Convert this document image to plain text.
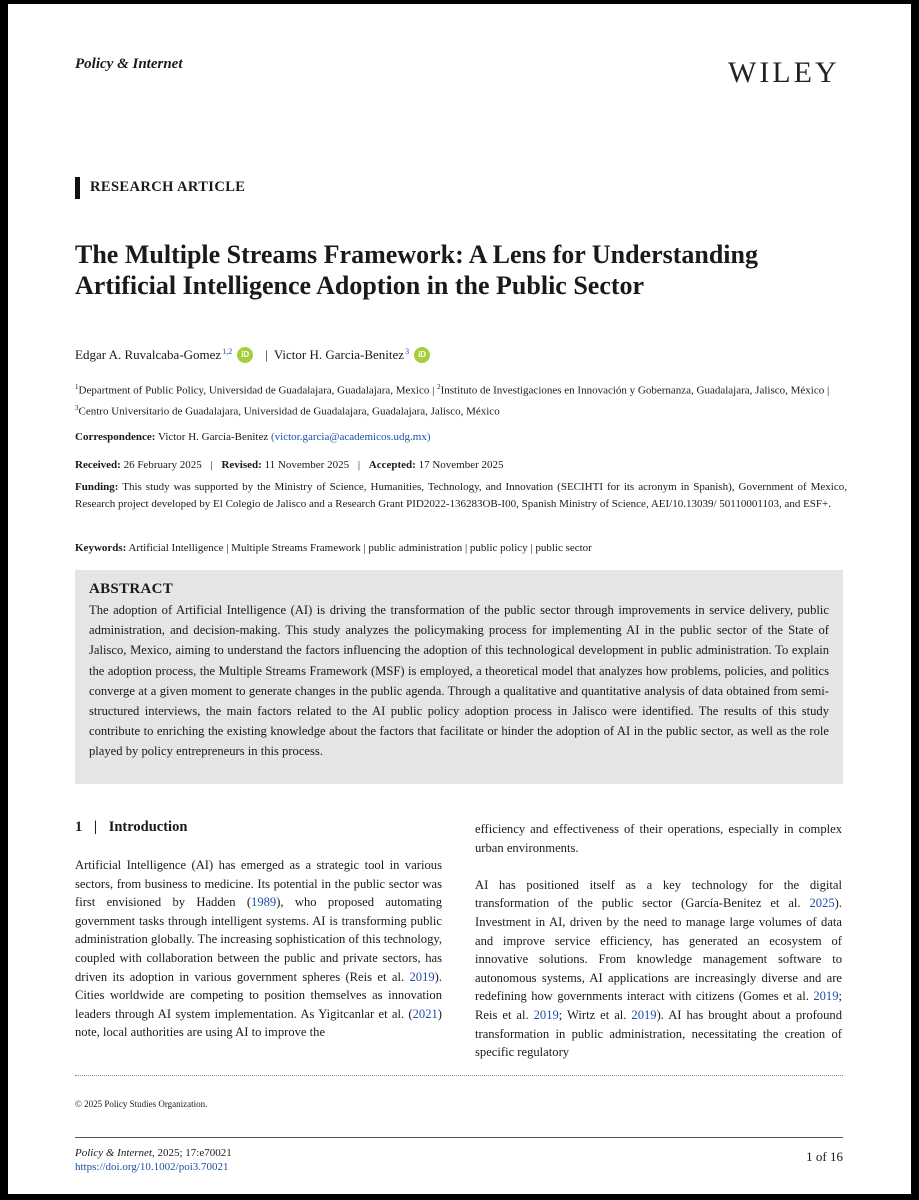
Policy & Internet	WILEY
RESEARCH ARTICLE
The Multiple Streams Framework: A Lens for Understanding Artificial Intelligence Adoption in the Public Sector
Edgar A. Ruvalcaba-Gomez$^{1,2}$	iD	| Victor H. Garcia-Benitez$^3$	iD
$^1$Department of Public Policy, Universidad de Guadalajara, Guadalajara, Mexico | $^2$Instituto de Investigaciones en Innovación y Gobernanza, Guadalajara, Jalisco, México | $^3$Centro Universitario de Guadalajara, Universidad de Guadalajara, Guadalajara, Jalisco, México
Correspondence: Victor H. Garcia-Benitez (victor.garcia@academicos.udg.mx)
Received: 26 February 2025 | Revised: 11 November 2025 | Accepted: 17 November 2025
Funding: This study was supported by the Ministry of Science, Humanities, Technology, and Innovation (SECIHTI for its acronym in Spanish), Government of Mexico, Research project developed by El Colegio de Jalisco and a Research Grant PID2022-136283OB-I00, Spanish Ministry of Science, AEI/10.13039/ 50110001103, and ESF+.
Keywords: Artificial Intelligence | Multiple Streams Framework | public administration | public policy | public sector
ABSTRACT
The adoption of Artificial Intelligence (AI) is driving the transformation of the public sector through improvements in service delivery, public administration, and decision-making. This study analyzes the policymaking process for implementing AI in the public sector of the State of Jalisco, Mexico, aiming to understand the factors influencing the adoption of this technological development in public administration. To explain the adoption process, the Multiple Streams Framework (MSF) is employed, a theoretical model that analyzes how problems, policies, and politics converge at a given moment to generate changes in the public agenda. Through a qualitative and quantitative analysis of data obtained from semi-structured interviews, the main factors related to the AI public policy adoption process in Jalisco were identified. The results of this study contribute to enriching the existing knowledge about the factors that facilitate or hinder the adoption of AI in the public sector, as well as the role played by policy entrepreneurs in this process.
1 | Introduction

Artificial Intelligence (AI) has emerged as a strategic tool in various sectors, from business to medicine. Its potential in the public sector was first envisioned by Hadden (1989), who proposed automating government tasks through intelligent systems. AI is transforming public administration globally. The increasing sophistication of this technology, coupled with collaboration between the public and private sectors, has driven its adoption in various government spheres (Reis et al. 2019). Cities worldwide are competing to position themselves as innovation leaders through AI system implementation. As Yigitcanlar et al. (2021) note, local authorities are using AI to improve the

efficiency and effectiveness of their operations, especially in complex urban environments.

AI has positioned itself as a key technology for the digital transformation of the public sector (García-Benitez et al. 2025). Investment in AI, driven by the need to manage large volumes of data and improve service efficiency, has generated an ecosystem of innovative solutions. From knowledge management software to autonomous systems, AI applications are increasingly diverse and are redefining how governments interact with citizens (Gomes et al. 2019; Reis et al. 2019; Wirtz et al. 2019). AI has brought about a profound transformation in public administration, necessitating the creation of specific regulatory

© 2025 Policy Studies Organization.
Policy & Internet, 2025; 17:e70021
https://doi.org/10.1002/poi3.70021
1 of 16
